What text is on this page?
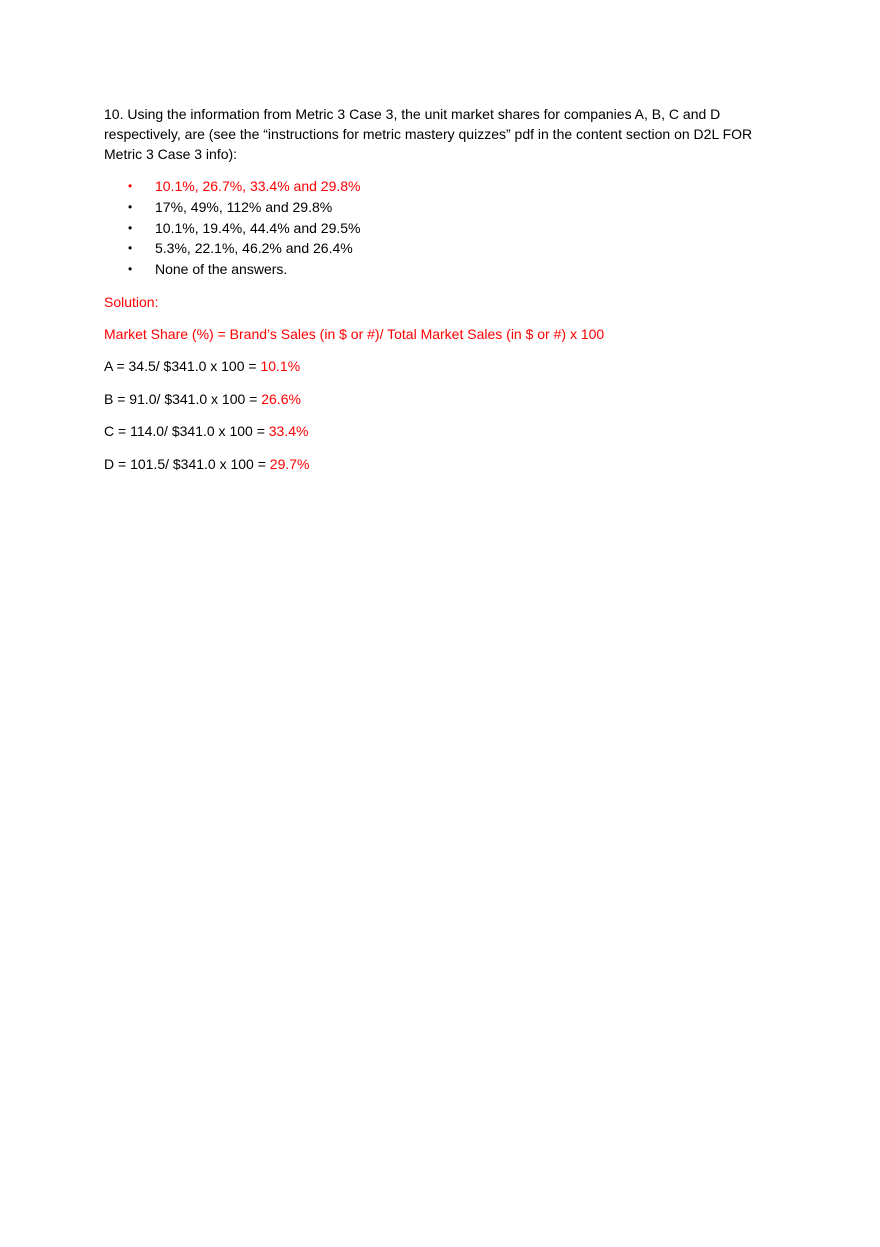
10. Using the information from Metric 3 Case 3, the unit market shares for companies A, B, C and D respectively, are (see the “instructions for metric mastery quizzes” pdf in the content section on D2L FOR Metric 3 Case 3 info):

• 10.1%, 26.7%, 33.4% and 29.8%
• 17%, 49%, 112% and 29.8%
• 10.1%, 19.4%, 44.4% and 29.5%
• 5.3%, 22.1%, 46.2% and 26.4%
• None of the answers.

Solution:

Market Share (%) = Brand’s Sales (in $ or #)/ Total Market Sales (in $ or #) x 100

A = 34.5/ $341.0 x 100 = 10.1%

B = 91.0/ $341.0 x 100 = 26.6%

C = 114.0/ $341.0 x 100 = 33.4%

D = 101.5/ $341.0 x 100 = 29.7%
